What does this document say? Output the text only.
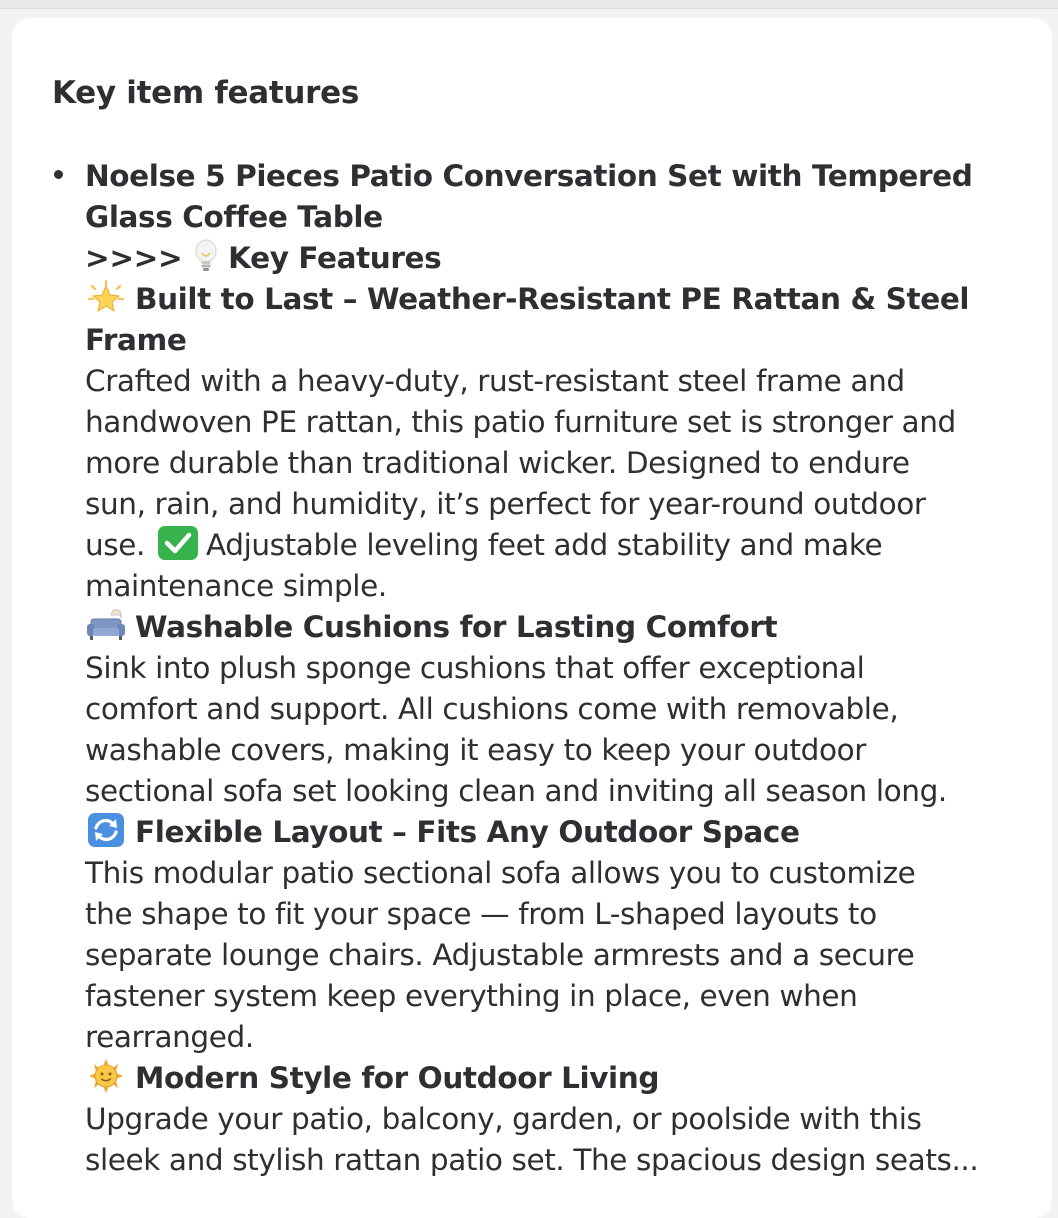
Key item features
Noelse 5 Pieces Patio Conversation Set with Tempered
Glass Coffee Table
>>>> Key Features
Built to Last – Weather-Resistant PE Rattan & Steel
Frame
Crafted with a heavy-duty, rust-resistant steel frame and
handwoven PE rattan, this patio furniture set is stronger and
more durable than traditional wicker. Designed to endure
sun, rain, and humidity, it’s perfect for year-round outdoor
use. Adjustable leveling feet add stability and make
maintenance simple.
Washable Cushions for Lasting Comfort
Sink into plush sponge cushions that offer exceptional
comfort and support. All cushions come with removable,
washable covers, making it easy to keep your outdoor
sectional sofa set looking clean and inviting all season long.
Flexible Layout – Fits Any Outdoor Space
This modular patio sectional sofa allows you to customize
the shape to fit your space — from L-shaped layouts to
separate lounge chairs. Adjustable armrests and a secure
fastener system keep everything in place, even when
rearranged.
Modern Style for Outdoor Living
Upgrade your patio, balcony, garden, or poolside with this
sleek and stylish rattan patio set. The spacious design seats...
